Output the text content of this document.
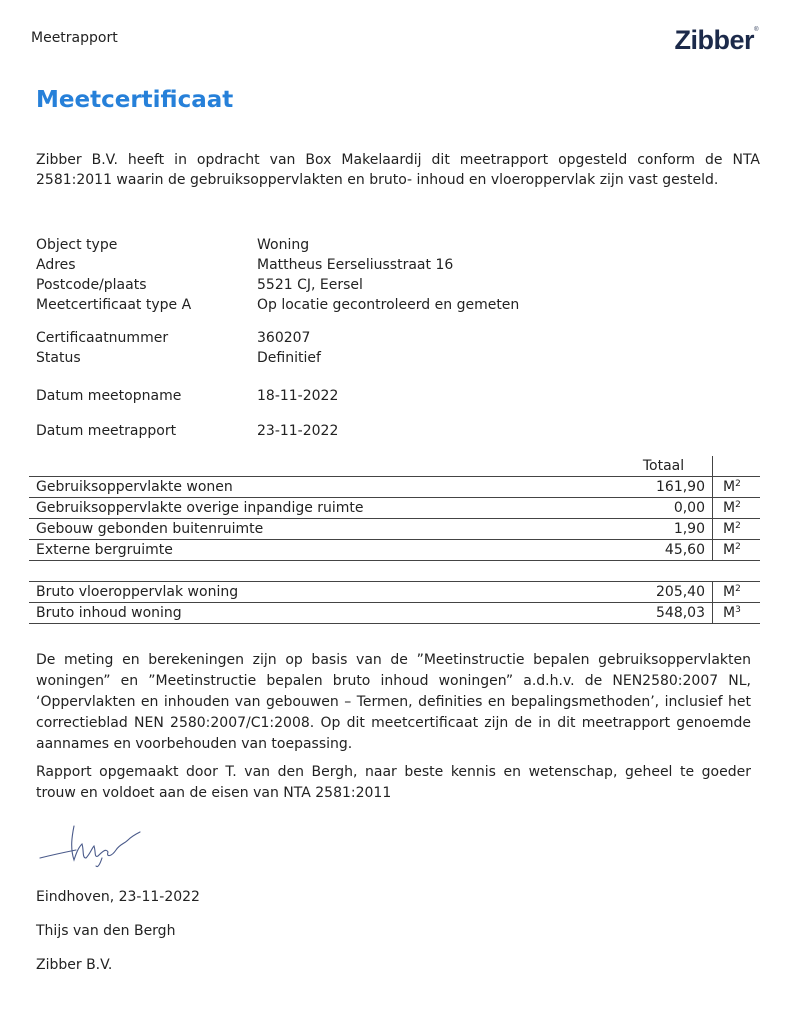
Meetrapport	Zibber ®
Meetcertificaat

Zibber B.V. heeft in opdracht van Box Makelaardij dit meetrapport opgesteld conform de NTA 2581:2011 waarin de gebruiksoppervlakten en bruto- inhoud en vloeroppervlak zijn vast gesteld.

Object type	Woning
Adres	Mattheus Eerseliusstraat 16
Postcode/plaats	5521 CJ, Eersel
Meetcertificaat type A	Op locatie gecontroleerd en gemeten
Certificaatnummer	360207
Status	Definitief
Datum meetopname	18-11-2022
Datum meetrapport	23-11-2022
	Totaal	
Gebruiksoppervlakte wonen	161,90	$M^2$
Gebruiksoppervlakte overige inpandige ruimte	0,00	$M^2$
Gebouw gebonden buitenruimte	1,90	$M^2$
Externe bergruimte	45,60	$M^2$

Bruto vloeroppervlak woning	205,40	$M^2$
Bruto inhoud woning	548,03	$M^3$

De meting en berekeningen zijn op basis van de ”Meetinstructie bepalen gebruiksoppervlakten woningen” en ”Meetinstructie bepalen bruto inhoud woningen” a.d.h.v. de NEN2580:2007 NL, ‘Oppervlakten en inhouden van gebouwen – Termen, definities en bepalingsmethoden’, inclusief het correctieblad NEN 2580:2007/C1:2008. Op dit meetcertificaat zijn de in dit meetrapport genoemde aannames en voorbehouden van toepassing.

Rapport opgemaakt door T. van den Bergh, naar beste kennis en wetenschap, geheel te goeder trouw en voldoet aan de eisen van NTA 2581:2011

Eindhoven, 23-11-2022
Thijs van den Bergh
Zibber B.V.
